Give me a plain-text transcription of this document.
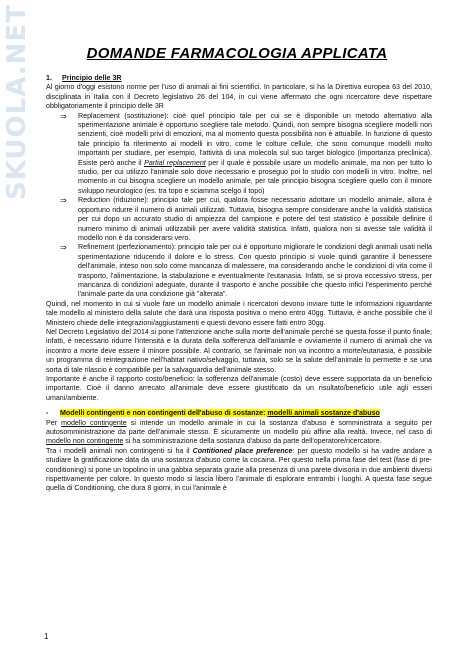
SKUOLA.NET	DOMANDE FARMACOLOGIA APPLICATA
1. Principio delle 3R

Al giorno d'oggi esistono norme per l'uso di animali ai fini scientifici. In particolare, si ha la Direttiva europea 63 del 2010, disciplinata in Italia con il Decreto legislativo 26 del 104, in cui viene affermato che ogni ricercatore deve rispettare obbligatoriamente il principio delle 3R

⇒ Replacement (sostituzione): cioè quel principio tale per cui se è disponibile un metodo alternativo alla sperimentazione animale è opportuno scegliere tale metodo. Quindi, non sempre bisogna scegliere modelli non senzienti, cioè modelli privi di emozioni, ma al momento questa possibilità non è attuabile. In funzione di questo tale principio fa riferimento ai modelli in vitro, come le colture cellule, che sono comunque modelli molto importanti per studiare, per esempio, l'attività di una molecola sul suo target biologico (importanza preclinica). Esiste però anche il Partial replacement per il quale è possibile usare un modello animale, ma non per tutto lo studio, per cui utilizzo l'animale solo dove necessario e proseguo poi lo studio con modelli in vitro. Inoltre, nel momento in cui bisogna scegliere un modello animale, per tale principio bisogna scegliere quello con il minore sviluppo neurologico (es. tra topo e sciamma scelgo il topo)
⇒ Reduction (riduzione): principio tale per cui, qualora fosse necessario adottare un modello animale, allora è opportuno ridurre il numero di animali utilizzati. Tuttavia, bisogna sempre considerare anche la validità statistica per cui dopo un accurato studio di ampiezza del campione e potere del test statistico è possibile definire il numero minimo di animali utilizzabili per avere validità statistica. Infatti, qualora non si avesse tale validità il modello non è da considerarsi vero.
⇒ Refinement (perfezionamento): principio tale per cui è opportuno migliorare le condizioni degli animali usati nella sperimentazione riducendo il dolore e lo stress. Con questo principio si vuole quindi garantire il benessere dell'animale, inteso non solo come mancanza di malessere, ma considerando anche le condizioni di vita come il trasporto, l'alimentazione, la stabulazione e eventualmente l'eutanasia. Infatti, se si prova eccessivo stress, per mancanza di condizioni adeguate, durante il trasporto è anche possibile che questo infici l'esperimento perché l'animale parte da una condizione già "alterata".

Quindi, nel momento in cui si vuole fare un modello animale i ricercatori devono inviare tutte le informazioni riguardante tale modello al ministero della salute che darà una risposta positiva o meno entro 40gg. Tuttavia, è anche possibile che il Ministero chiede delle integrazioni/aggiustamenti e questi devono essere fatti entro 30gg.

Nel Decreto Legislativo del 2014 si pone l'attenzione anche sulla morte dell'animale perché se questa fosse il punto finale; infatti, è necessario ridurre l'intensità e la durata della sofferenza dell'aniamle e ovviamente il numero di animali che va incontro a morte deve essere il minore possibile. Al contrario, se l'animale non va incontro a morte/eutanasia, è possibile un programma di reintegrazione nell'habitat nativo/selvaggio, tuttavia, solo se la salute dell'animale lo permette e se una sorta di tale rilascio è compatibile per la salvaguardia dell'animale stesso.

Importante è anche il rapporto costo/beneficio: la sofferenza dell'animale (costo) deve essere supportata da un beneficio importante. Cioè il danno arrecato all'animale deve essere giustificato da un risultato/beneficio utile agli esseri umani/ambiente.

- Modelli contingenti e non contingenti dell'abuso di sostanze: modelli animali sostanze d'abuso

Per modello contingente si intende un modello animale in cui la sostanza d'abuso è somministrata a seguito per autosomministrazione da parte dell'animale stesso. È sicuramente un modello più affine alla realtà. Invece, nel caso di modello non contingente si ha somministrazione della sostanza d'abuso da parte dell'operatore/ricercatore.

Tra i modelli animali non contingenti si ha il Contitioned place preference: per questo modello si ha vadre andare a studiare la gratificazione data da una sostanza d'abuso come la cocaina. Per questo nella prima fase del test (fase di pre-conditioning) si pone un topolino in una gabbia separata grazie alla presenza di una parete divisoria in due ambienti diversi rispettivamente per colore. In questo modo si lascia libero l'animale di esplorare entrambi i luoghi. A questa fase segue quella di Conditioning, che dura 8 giorni, in cui l'animale è

1
